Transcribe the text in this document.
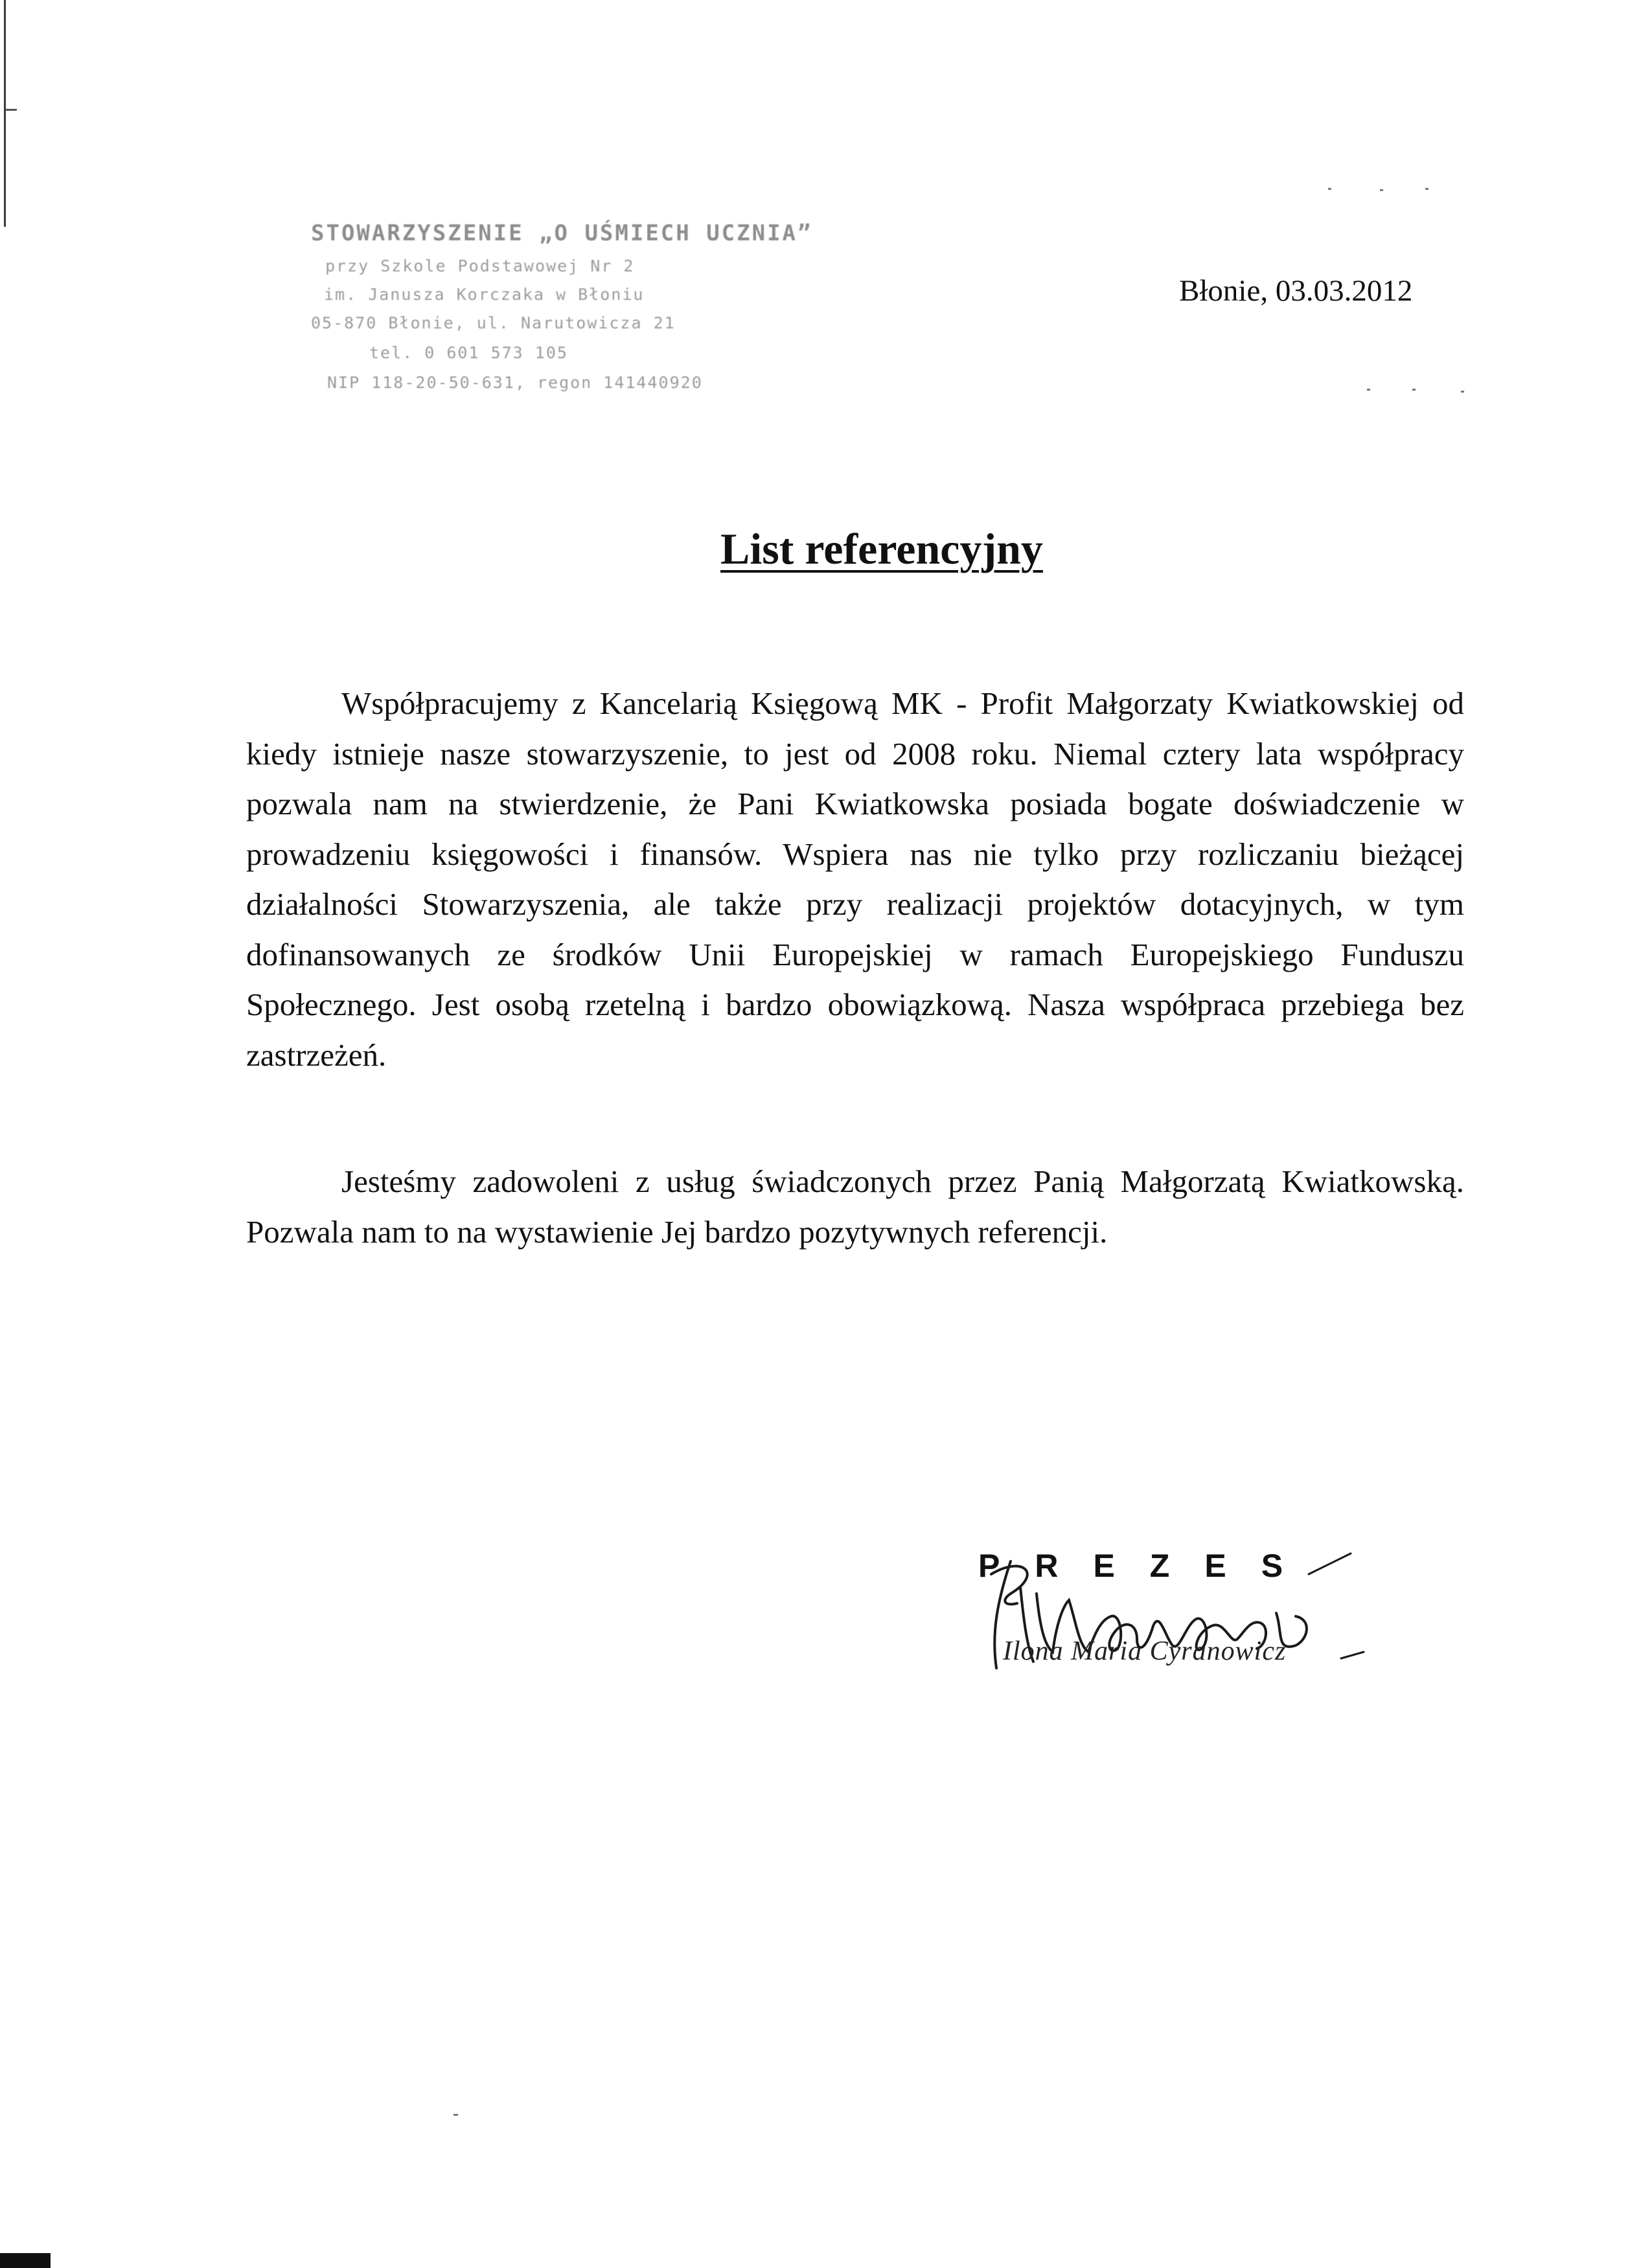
STOWARZYSZENIE „O UŚMIECH UCZNIA”
przy Szkole Podstawowej Nr 2
im. Janusza Korczaka w Błoniu
05-870 Błonie, ul. Narutowicza 21
tel. 0 601 573 105
NIP 118-20-50-631, regon 141440920
Błonie, 03.03.2012
List referencyjny

Współpracujemy z Kancelarią Księgową MK - Profit Małgorzaty Kwiatkowskiej od kiedy istnieje nasze stowarzyszenie, to jest od 2008 roku. Niemal cztery lata współpracy pozwala nam na stwierdzenie, że Pani Kwiatkowska posiada bogate doświadczenie w prowadzeniu księgowości i finansów. Wspiera nas nie tylko przy rozliczaniu bieżącej działalności Stowarzyszenia, ale także przy realizacji projektów dotacyjnych, w tym dofinansowanych ze środków Unii Europejskiej w ramach Europejskiego Funduszu Społecznego. Jest osobą rzetelną i bardzo obowiązkową. Nasza współpraca przebiega bez zastrzeżeń.

Jesteśmy zadowoleni z usług świadczonych przez Panią Małgorzatą Kwiatkowską. Pozwala nam to na wystawienie Jej bardzo pozytywnych referencji.

PREZES
Ilona Maria Cyranowicz
